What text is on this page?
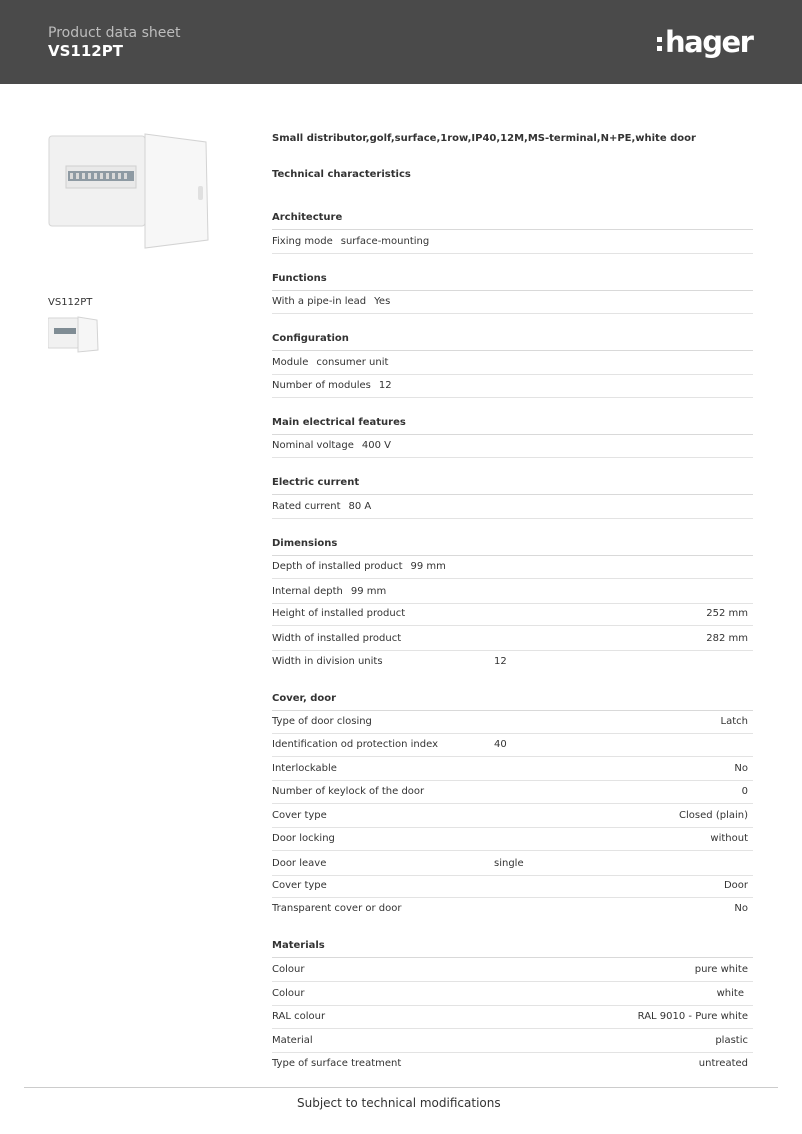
Product data sheet
VS112PT	hager
VS112PT
Small distributor,golf,surface,1row,IP40,12M,MS-terminal,N+PE,white door
Technical characteristics
Architecture
Fixing mode surface-mounting
Functions
With a pipe-in lead Yes
Configuration
Module consumer unit
Number of modules 12
Main electrical features
Nominal voltage 400 V
Electric current
Rated current 80 A
Dimensions
Depth of installed product 99 mm
Internal depth 99 mm
Height of installed product	252 mm
Width of installed product	282 mm
Width in division units	12
Cover, door
Type of door closing	Latch
Identification od protection index	40
Interlockable	No
Number of keylock of the door	0
Cover type	Closed (plain)
Door locking	without
Door leave	single
Cover type	Door
Transparent cover or door	No
Materials
Colour	pure white
Colour	white
RAL colour	RAL 9010 - Pure white
Material	plastic
Type of surface treatment	untreated
Subject to technical modifications
